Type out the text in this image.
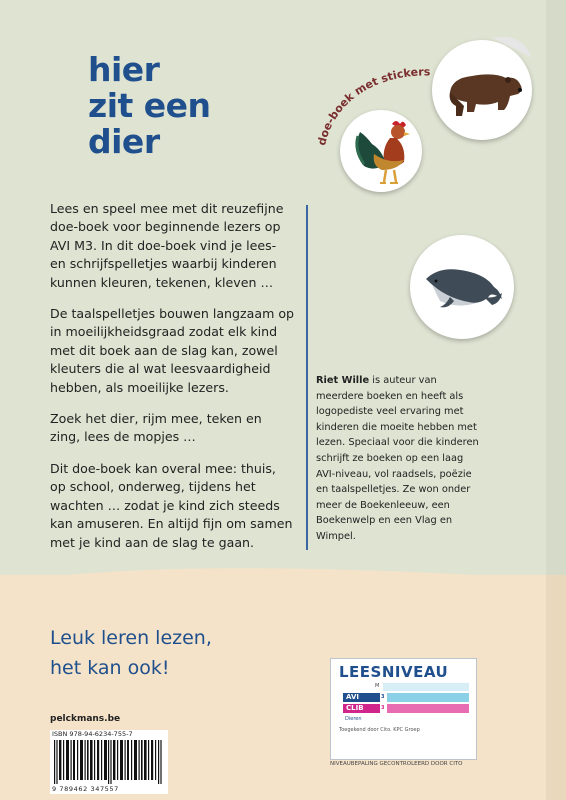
hier
zit een
dier	doe-boek met stickers

Lees en speel mee met dit reuzefijne doe-boek voor beginnende lezers op AVI M3. In dit doe-boek vind je lees- en schrijfspelletjes waarbij kinderen kunnen kleuren, tekenen, kleven …

De taalspelletjes bouwen langzaam op in moeilijkheidsgraad zodat elk kind met dit boek aan de slag kan, zowel kleuters die al wat leesvaardigheid hebben, als moeilijke lezers.

Zoek het dier, rijm mee, teken en zing, lees de mopjes …

Dit doe-boek kan overal mee: thuis, op school, onderweg, tijdens het wachten … zodat je kind zich steeds kan amuseren. En altijd fijn om samen met je kind aan de slag te gaan.

Riet Wille is auteur van meerdere boeken en heeft als logopediste veel ervaring met kinderen die moeite hebben met lezen. Speciaal voor die kinderen schrijft ze boeken op een laag AVI-niveau, vol raadsels, poëzie en taalspelletjes. Ze won onder meer de Boekenleeuw, een Boekenwelp en een Vlag en Wimpel.
Leuk leren lezen,
het kan ook!
pelckmans.be
ISBN 978-94-6234-755-7
9 789462 347557
LEESNIVEAU
M
AVI	3
CLIB	3
Dieren
Toegekend door Cito. KPC Groep
NIVEAUBEPALING GECONTROLEERD DOOR CITO
